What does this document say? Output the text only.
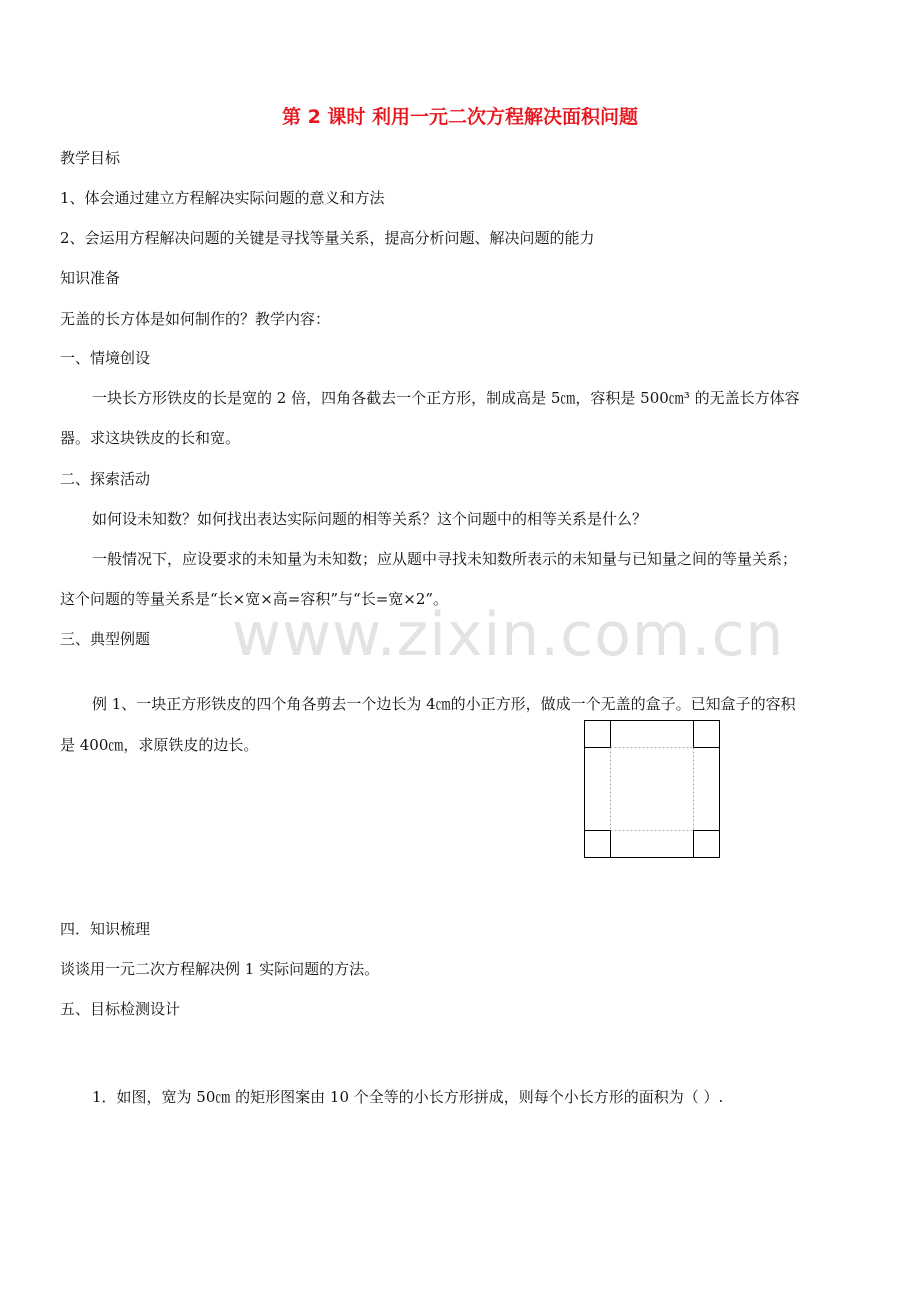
第 2 课时 利用一元二次方程解决面积问题
教学目标
1、体会通过建立方程解决实际问题的意义和方法
2、会运用方程解决问题的关键是寻找等量关系，提高分析问题、解决问题的能力
知识准备
无盖的长方体是如何制作的？教学内容：
一、情境创设
一块长方形铁皮的长是宽的 2 倍，四角各截去一个正方形，制成高是 5㎝，容积是 500㎝³ 的无盖长方体容
器。求这块铁皮的长和宽。
二、探索活动
如何设未知数？如何找出表达实际问题的相等关系？这个问题中的相等关系是什么？
一般情况下，应设要求的未知量为未知数；应从题中寻找未知数所表示的未知量与已知量之间的等量关系；
这个问题的等量关系是“长×宽×高=容积”与“长=宽×2”。
www.zixin.com.cn
三、典型例题
例 1、一块正方形铁皮的四个角各剪去一个边长为 4㎝的小正方形，做成一个无盖的盒子。已知盒子的容积
是 400㎝，求原铁皮的边长。
四．知识梳理
谈谈用一元二次方程解决例 1 实际问题的方法。
五、目标检测设计
1．如图，宽为 50㎝ 的矩形图案由 10 个全等的小长方形拼成，则每个小长方形的面积为（ ）.
